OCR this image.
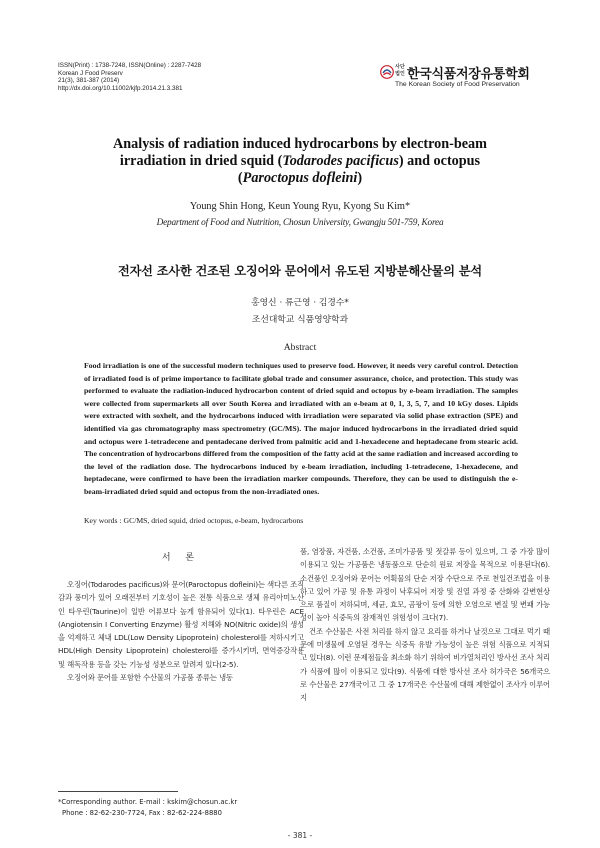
ISSN(Print) : 1738-7248, ISSN(Online) : 2287-7428
Korean J Food Preserv
21(3), 381-387 (2014)
http://dx.doi.org/10.11002/kjfp.2014.21.3.381
사단법인 한국식품저장유통학회
The Korean Society of Food Preservation
Analysis of radiation induced hydrocarbons by electron-beam
irradiation in dried squid (Todarodes pacificus) and octopus
(Paroctopus dofleini)
Young Shin Hong, Keun Young Ryu, Kyong Su Kim*
Department of Food and Nutrition, Chosun University, Gwangju 501-759, Korea
전자선 조사한 건조된 오징어와 문어에서 유도된 지방분해산물의 분석
홍영신 · 류근영 · 김경수*
조선대학교 식품영양학과
Abstract
Food irradiation is one of the successful modern techniques used to preserve food. However, it needs very careful control. Detection of irradiated food is of prime importance to facilitate global trade and consumer assurance, choice, and protection. This study was performed to evaluate the radiation-induced hydrocarbon content of dried squid and octopus by e-beam irradiation. The samples were collected from supermarkets all over South Korea and irradiated with an e-beam at 0, 1, 3, 5, 7, and 10 kGy doses. Lipids were extracted with soxhelt, and the hydrocarbons induced with irradiation were separated via solid phase extraction (SPE) and identified via gas chromatography mass spectrometry (GC/MS). The major induced hydrocarbons in the irradiated dried squid and octopus were 1-tetradecene and pentadecane derived from palmitic acid and 1-hexadecene and heptadecane from stearic acid. The concentration of hydrocarbons differed from the composition of the fatty acid at the same radiation and increased according to the level of the radiation dose. The hydrocarbons induced by e-beam irradiation, including 1-tetradecene, 1-hexadecene, and heptadecane, were confirmed to have been the irradiation marker compounds. Therefore, they can be used to distinguish the e-beam-irradiated dried squid and octopus from the non-irradiated ones.
Key words : GC/MS, dried squid, dried octopus, e-beam, hydrocarbons
서 론

오징어(Todarodes pacificus)와 문어(Paroctopus dofleini)는 색다른 조직감과 풍미가 있어 오래전부터 기호성이 높은 전통 식품으로 생체 유리아미노산인 타우린(Taurine)이 일반 어류보다 높게 함유되어 있다(1). 타우린은 ACE (Angiotensin I Converting Enzyme) 활성 저해와 NO(Nitric oxide)의 생성을 억제하고 체내 LDL(Low Density Lipoprotein) cholesterol를 저하시키고 HDL(High Density Lipoprotein) cholesterol를 증가시키며, 면역증강작용 및 해독작용 등을 갖는 기능성 성분으로 알려져 있다(2-5).

오징어와 문어를 포함한 수산물의 가공품 종류는 냉동

품, 염장품, 자건품, 소건품, 조미가공품 및 젓갈류 등이 있으며, 그 중 가장 많이 이용되고 있는 가공품은 냉동품으로 단순히 원료 저장을 목적으로 이용된다(6). 소건품인 오징어와 문어는 어획물의 단순 저장 수단으로 주로 천일건조법을 이용하고 있어 가공 및 유통 과정이 낙후되어 저장 및 진열 과정 중 산화와 갈변현상으로 품질이 저하되며, 세균, 효모, 곰팡이 등에 의한 오염으로 변질 및 변패 가능성이 높아 식중독의 잠재적인 위험성이 크다(7).

건조 수산물은 사전 처리를 하지 않고 요리를 하거나 날것으로 그대로 먹기 때문에 미생물에 오염된 경우는 식중독 유발 가능성이 높은 위험 식품으로 지적되고 있다(8). 이런 문제점들을 최소화 하기 위하여 비가열처리인 방사선 조사 처리가 식품에 많이 이용되고 있다(9). 식품에 대한 방사선 조사 허가국은 56개국으로 수산물은 27개국이고 그 중 17개국은 수산물에 대해 제한없이 조사가 이루어지

*Corresponding author. E-mail : kskim@chosun.ac.kr
Phone : 82-62-230-7724, Fax : 82-62-224-8880
- 381 -
